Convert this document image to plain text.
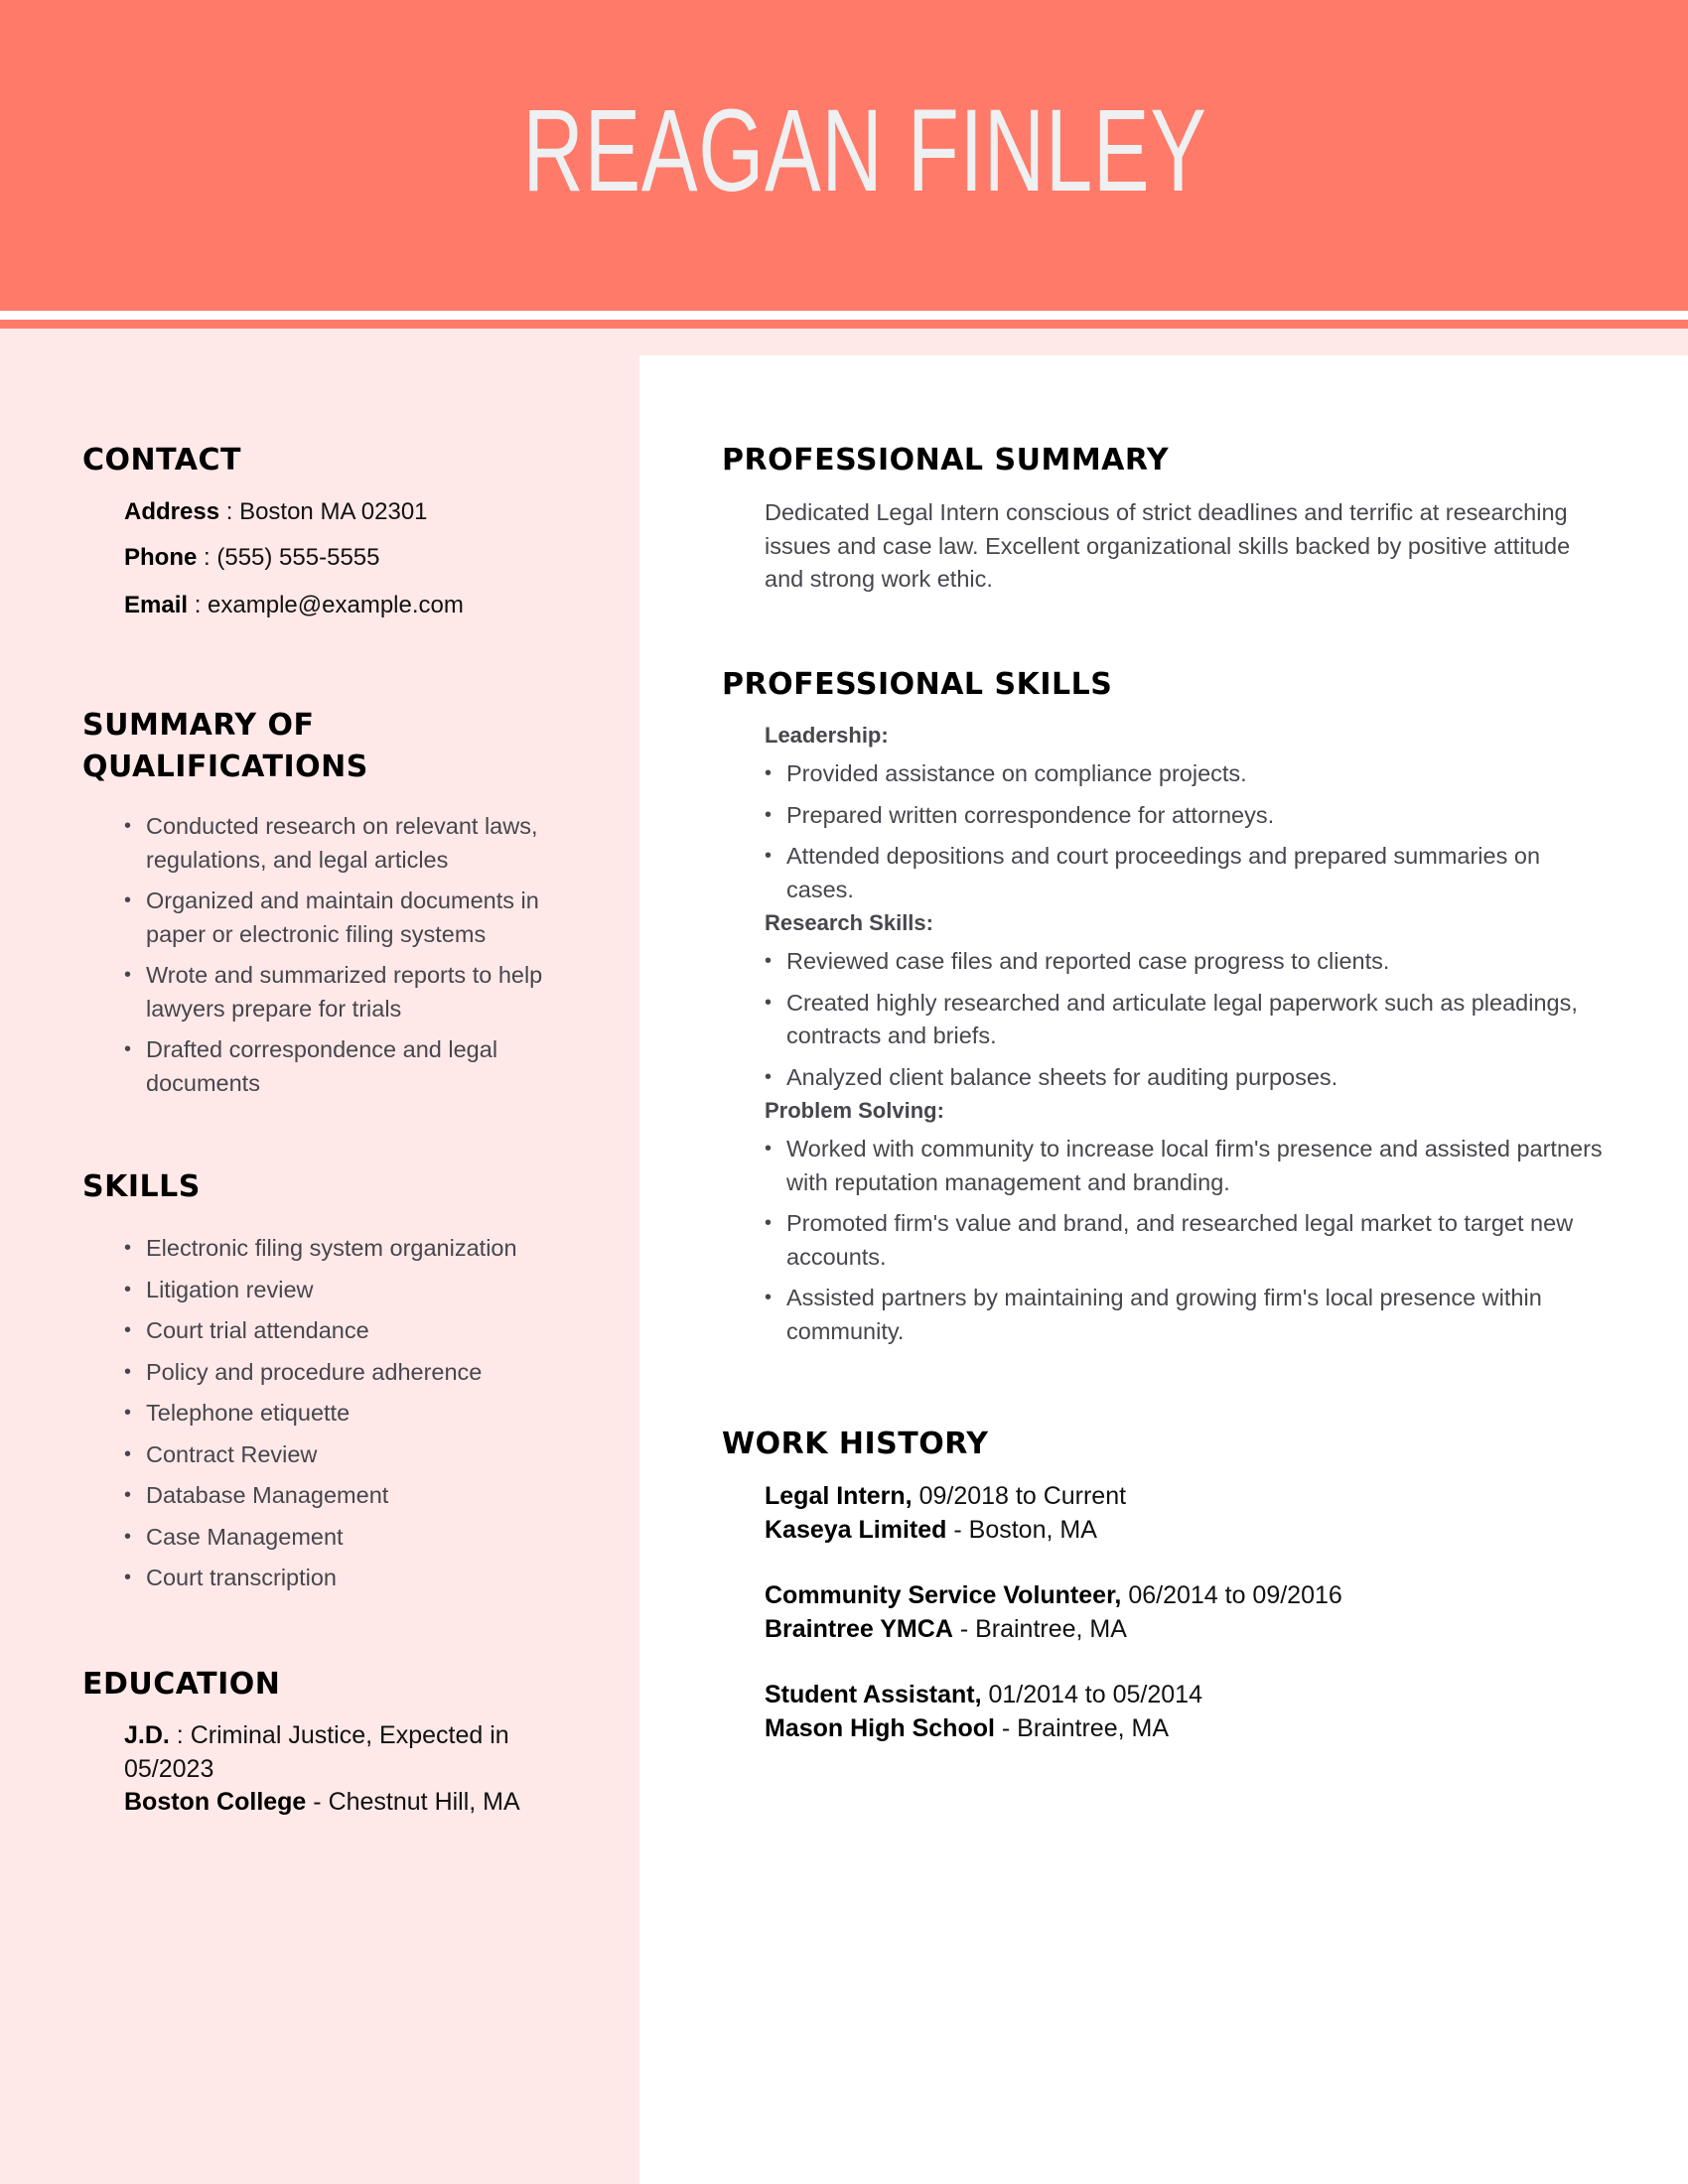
REAGAN FINLEY
CONTACT
Address : Boston MA 02301
Phone : (555) 555-5555
Email : example@example.com
SUMMARY OF
QUALIFICATIONS
• Conducted research on relevant laws, regulations, and legal articles
• Organized and maintain documents in paper or electronic filing systems
• Wrote and summarized reports to help lawyers prepare for trials
• Drafted correspondence and legal documents
SKILLS
• Electronic filing system organization
• Litigation review
• Court trial attendance
• Policy and procedure adherence
• Telephone etiquette
• Contract Review
• Database Management
• Case Management
• Court transcription
EDUCATION
J.D. : Criminal Justice, Expected in 05/2023
Boston College - Chestnut Hill, MA
PROFESSIONAL SUMMARY

Dedicated Legal Intern conscious of strict deadlines and terrific at researching issues and case law. Excellent organizational skills backed by positive attitude and strong work ethic.

PROFESSIONAL SKILLS
Leadership:
• Provided assistance on compliance projects.
• Prepared written correspondence for attorneys.
• Attended depositions and court proceedings and prepared summaries on cases.
Research Skills:
• Reviewed case files and reported case progress to clients.
• Created highly researched and articulate legal paperwork such as pleadings, contracts and briefs.
• Analyzed client balance sheets for auditing purposes.
Problem Solving:
• Worked with community to increase local firm's presence and assisted partners with reputation management and branding.
• Promoted firm's value and brand, and researched legal market to target new accounts.
• Assisted partners by maintaining and growing firm's local presence within community.
WORK HISTORY
Legal Intern, 09/2018 to Current
Kaseya Limited - Boston, MA
Community Service Volunteer, 06/2014 to 09/2016
Braintree YMCA - Braintree, MA
Student Assistant, 01/2014 to 05/2014
Mason High School - Braintree, MA
